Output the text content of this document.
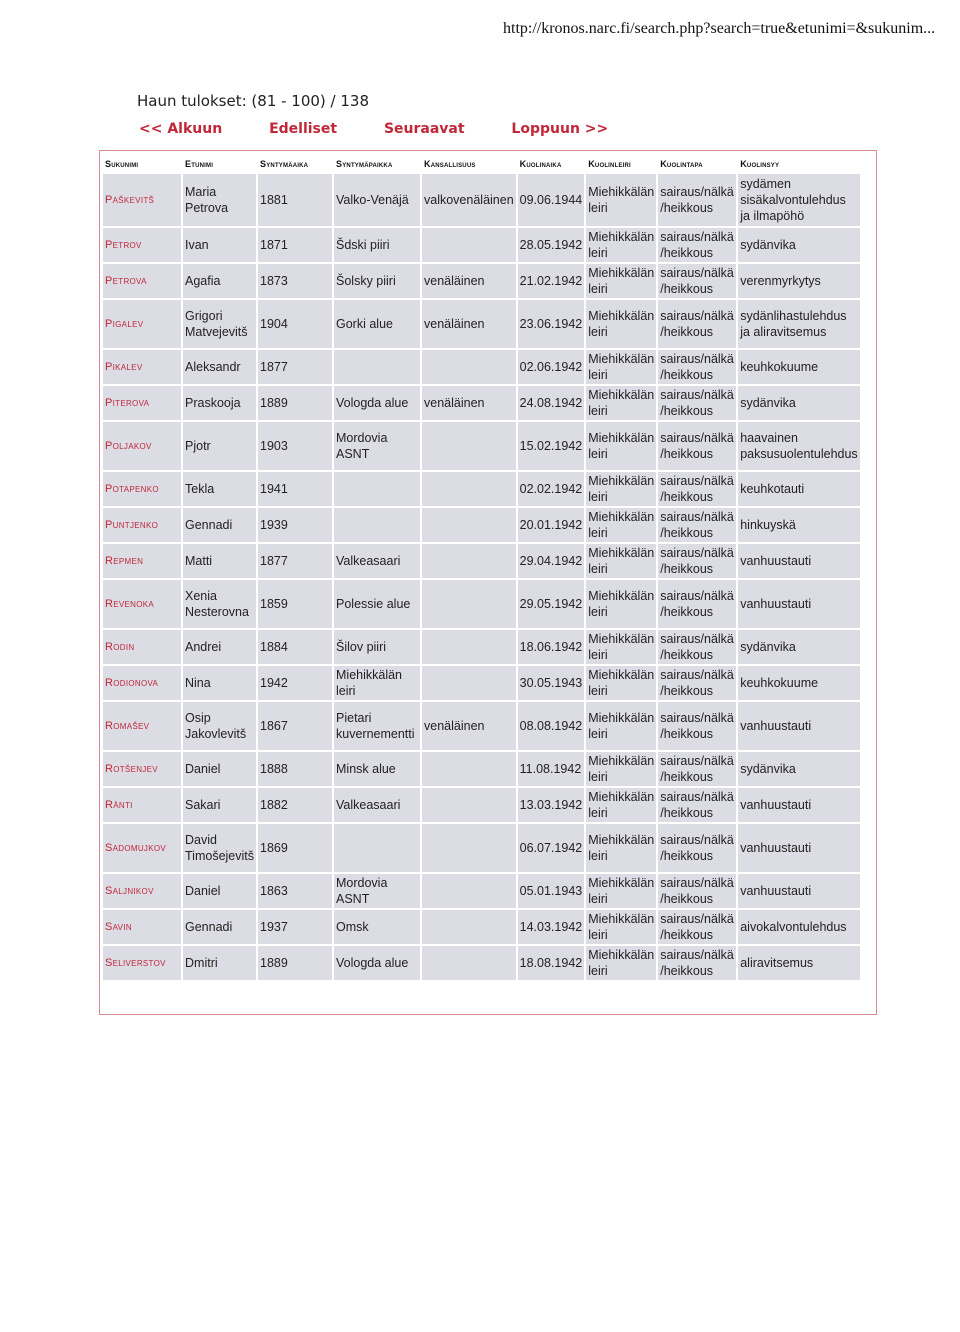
http://kronos.narc.fi/search.php?search=true&etunimi=&sukunim...
Haun tulokset: (81 - 100) / 138
<< Alkuun	Edelliset	Seuraavat	Loppuun >>
Sukunimi	Etunimi	Syntymäaika	Syntymäpaikka	Kansallisuus	Kuolinaika	Kuolinleiri	Kuolintapa	Kuolinsyy
Paškevitš	Maria Petrova	1881	Valko-Venäjä	valkovenäläinen	09.06.1944	Miehikkälän leiri	sairaus/nälkä /heikkous	sydämen sisäkalvontulehdus ja ilmapöhö
Petrov	Ivan	1871	Šdski piiri		28.05.1942	Miehikkälän leiri	sairaus/nälkä /heikkous	sydänvika
Petrova	Agafia	1873	Šolsky piiri	venäläinen	21.02.1942	Miehikkälän leiri	sairaus/nälkä /heikkous	verenmyrkytys
Pigalev	Grigori Matvejevitš	1904	Gorki alue	venäläinen	23.06.1942	Miehikkälän leiri	sairaus/nälkä /heikkous	sydänlihastulehdus ja aliravitsemus
Pikalev	Aleksandr	1877			02.06.1942	Miehikkälän leiri	sairaus/nälkä /heikkous	keuhkokuume
Piterova	Praskooja	1889	Vologda alue	venäläinen	24.08.1942	Miehikkälän leiri	sairaus/nälkä /heikkous	sydänvika
Poljakov	Pjotr	1903	Mordovia ASNT		15.02.1942	Miehikkälän leiri	sairaus/nälkä /heikkous	haavainen paksusuolentulehdus
Potapenko	Tekla	1941			02.02.1942	Miehikkälän leiri	sairaus/nälkä /heikkous	keuhkotauti
Puntjenko	Gennadi	1939			20.01.1942	Miehikkälän leiri	sairaus/nälkä /heikkous	hinkuyskä
Repmen	Matti	1877	Valkeasaari		29.04.1942	Miehikkälän leiri	sairaus/nälkä /heikkous	vanhuustauti
Revenoka	Xenia Nesterovna	1859	Polessie alue		29.05.1942	Miehikkälän leiri	sairaus/nälkä /heikkous	vanhuustauti
Rodin	Andrei	1884	Šilov piiri		18.06.1942	Miehikkälän leiri	sairaus/nälkä /heikkous	sydänvika
Rodionova	Nina	1942	Miehikkälän leiri		30.05.1943	Miehikkälän leiri	sairaus/nälkä /heikkous	keuhkokuume
Romašev	Osip Jakovlevitš	1867	Pietari kuvernementti	venäläinen	08.08.1942	Miehikkälän leiri	sairaus/nälkä /heikkous	vanhuustauti
Rotšenjev	Daniel	1888	Minsk alue		11.08.1942	Miehikkälän leiri	sairaus/nälkä /heikkous	sydänvika
Ränti	Sakari	1882	Valkeasaari		13.03.1942	Miehikkälän leiri	sairaus/nälkä /heikkous	vanhuustauti
Sadomujkov	David Timošejevitš	1869			06.07.1942	Miehikkälän leiri	sairaus/nälkä /heikkous	vanhuustauti
Saljnikov	Daniel	1863	Mordovia ASNT		05.01.1943	Miehikkälän leiri	sairaus/nälkä /heikkous	vanhuustauti
Savin	Gennadi	1937	Omsk		14.03.1942	Miehikkälän leiri	sairaus/nälkä /heikkous	aivokalvontulehdus
Seliverstov	Dmitri	1889	Vologda alue		18.08.1942	Miehikkälän leiri	sairaus/nälkä /heikkous	aliravitsemus
